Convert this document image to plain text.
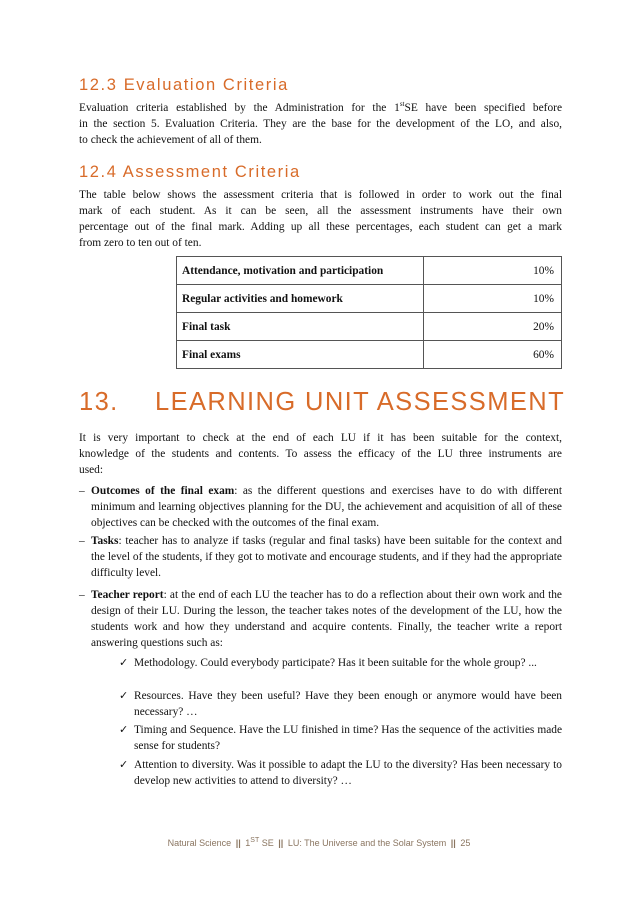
12.3 Evaluation Criteria
Evaluation criteria established by the Administration for the 1stSE have been specified before
in the section 5. Evaluation Criteria. They are the base for the development of the LO, and also,
to check the achievement of all of them.
12.4 Assessment Criteria
The table below shows the assessment criteria that is followed in order to work out the final
mark of each student. As it can be seen, all the assessment instruments have their own
percentage out of the final mark. Adding up all these percentages, each student can get a mark
from zero to ten out of ten.
Attendance, motivation and participation	10%
Regular activities and homework	10%
Final task	20%
Final exams	60%
13. LEARNING UNIT ASSESSMENT
It is very important to check at the end of each LU if it has been suitable for the context,
knowledge of the students and contents. To assess the efficacy of the LU three instruments are
used:
– Outcomes of the final exam: as the different questions and exercises have to do with different minimum and learning objectives planning for the DU, the achievement and acquisition of all of these objectives can be checked with the outcomes of the final exam.
– Tasks: teacher has to analyze if tasks (regular and final tasks) have been suitable for the context and the level of the students, if they got to motivate and encourage students, and if they had the appropriate difficulty level.
– Teacher report: at the end of each LU the teacher has to do a reflection about their own work and the design of their LU. During the lesson, the teacher takes notes of the development of the LU, how the students work and how they understand and acquire contents. Finally, the teacher write a report answering questions such as:
✓ Methodology. Could everybody participate? Has it been suitable for the whole group? ...
✓ Resources. Have they been useful? Have they been enough or anymore would have been necessary? …
✓ Timing and Sequence. Have the LU finished in time? Has the sequence of the activities made sense for students?
✓ Attention to diversity. Was it possible to adapt the LU to the diversity? Has been necessary to develop new activities to attend to diversity? …
Natural Science || 1ST SE || LU: The Universe and the Solar System || 25
